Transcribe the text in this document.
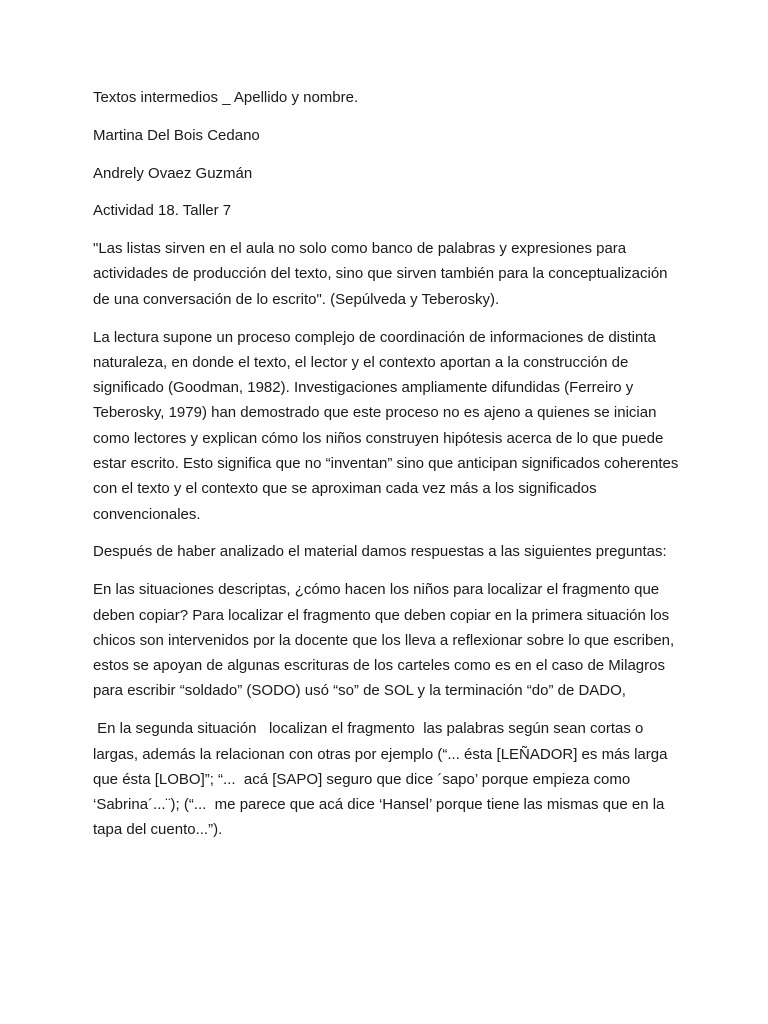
Textos intermedios _ Apellido y nombre.

Martina Del Bois Cedano

Andrely Ovaez Guzmán

Actividad 18. Taller 7

"Las listas sirven en el aula no solo como banco de palabras y expresiones para actividades de producción del texto, sino que sirven también para la conceptualización de una conversación de lo escrito". (Sepúlveda y Teberosky).

La lectura supone un proceso complejo de coordinación de informaciones de distinta naturaleza, en donde el texto, el lector y el contexto aportan a la construcción de significado (Goodman, 1982). Investigaciones ampliamente difundidas (Ferreiro y Teberosky, 1979) han demostrado que este proceso no es ajeno a quienes se inician como lectores y explican cómo los niños construyen hipótesis acerca de lo que puede estar escrito. Esto significa que no “inventan” sino que anticipan significados coherentes con el texto y el contexto que se aproximan cada vez más a los significados convencionales.

Después de haber analizado el material damos respuestas a las siguientes preguntas:

En las situaciones descriptas, ¿cómo hacen los niños para localizar el fragmento que deben copiar? Para localizar el fragmento que deben copiar en la primera situación los chicos son intervenidos por la docente que los lleva a reflexionar sobre lo que escriben, estos se apoyan de algunas escrituras de los carteles como es en el caso de Milagros para escribir “soldado” (SODO) usó “so” de SOL y la terminación “do” de DADO,

En la segunda situación   localizan el fragmento  las palabras según sean cortas o largas, además la relacionan con otras por ejemplo (“... ésta [LEÑADOR] es más larga que ésta [LOBO]”; “...  acá [SAPO] seguro que dice ´sapo’ porque empieza como ‘Sabrina´...¨); (“...  me parece que acá dice ‘Hansel’ porque tiene las mismas que en la tapa del cuento...”).
